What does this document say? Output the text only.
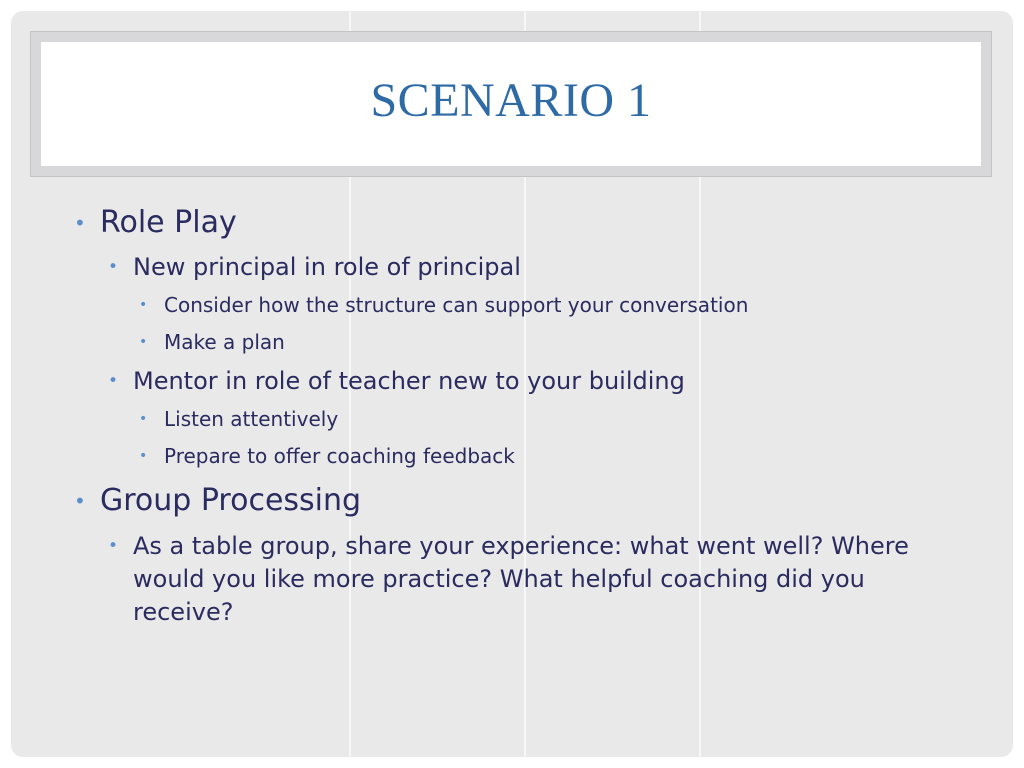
SCENARIO 1
• Role Play
• New principal in role of principal
• Consider how the structure can support your conversation
• Make a plan
• Mentor in role of teacher new to your building
• Listen attentively
• Prepare to offer coaching feedback
• Group Processing
• As a table group, share your experience: what went well? Where would you like more practice? What helpful coaching did you receive?
